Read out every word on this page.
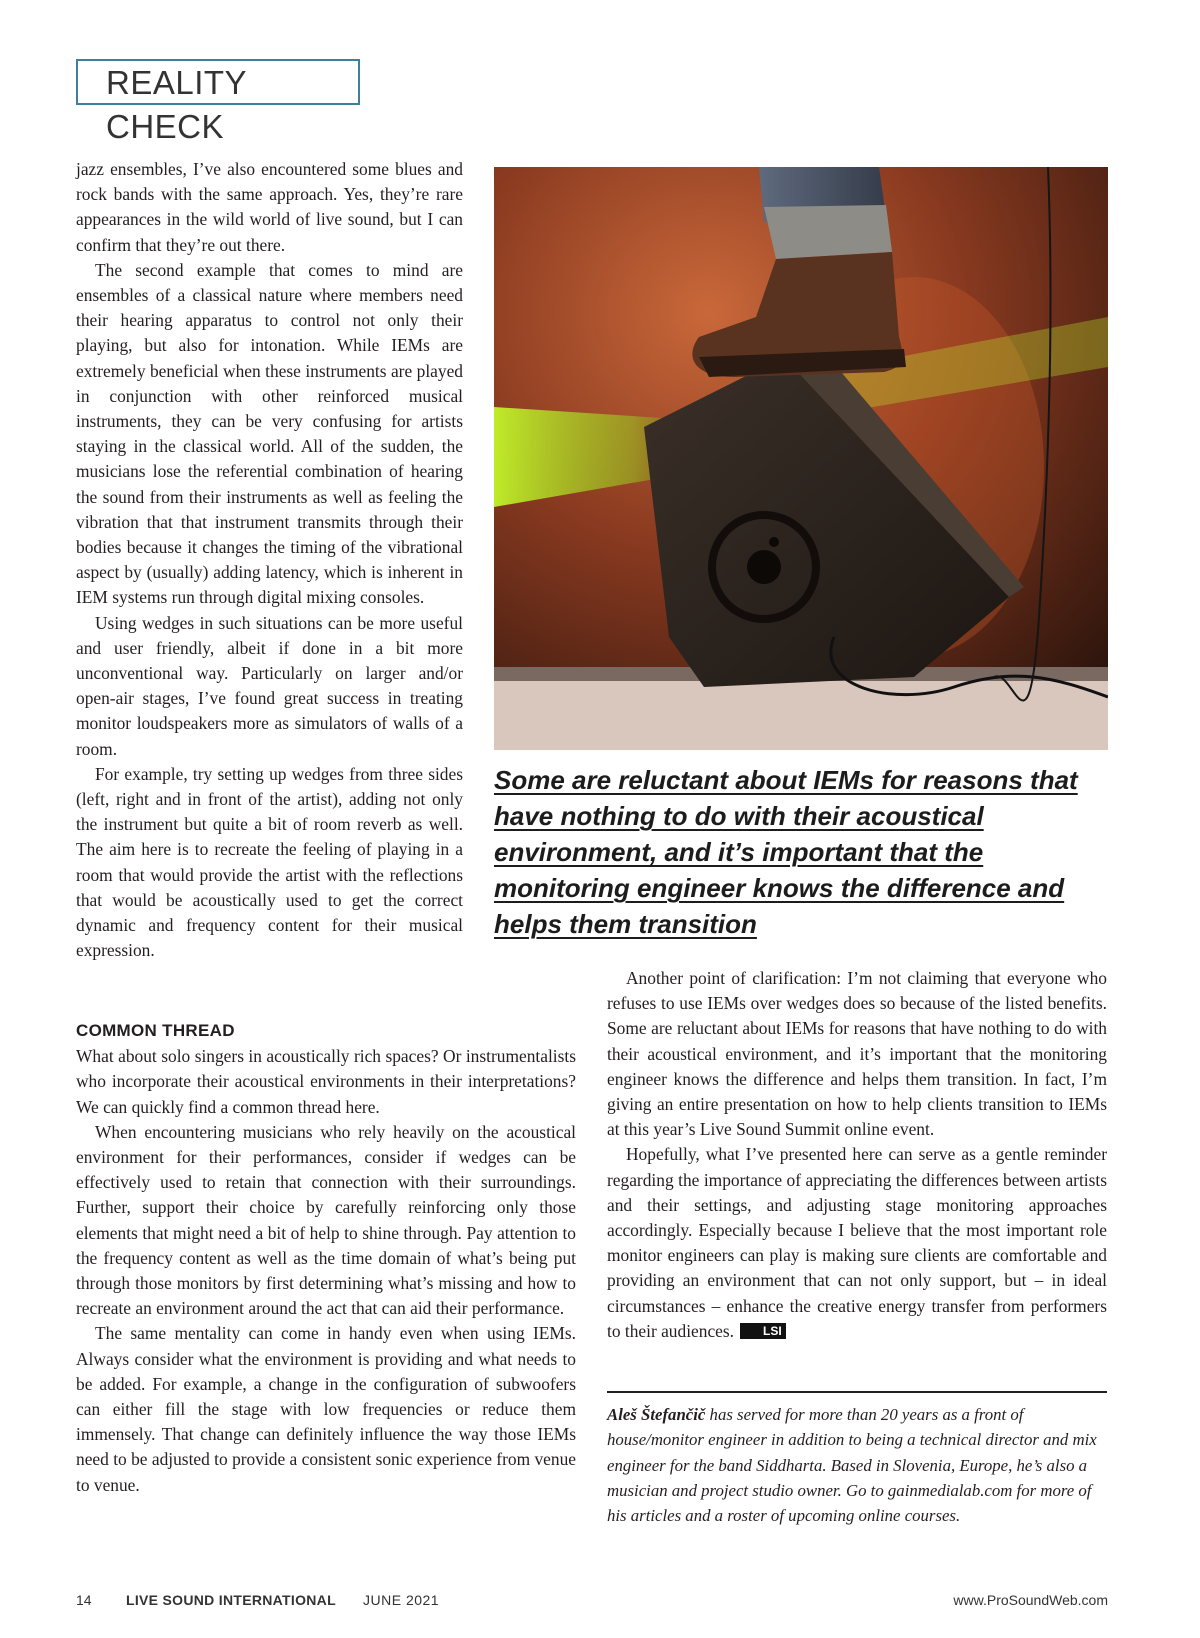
REALITY CHECK

jazz ensembles, I’ve also encountered some blues and rock bands with the same approach. Yes, they’re rare appearances in the wild world of live sound, but I can confirm that they’re out there.

The second example that comes to mind are ensembles of a classical nature where members need their hearing apparatus to control not only their playing, but also for intonation. While IEMs are extremely beneficial when these instruments are played in conjunction with other reinforced musical instruments, they can be very confusing for artists staying in the classical world. All of the sudden, the musicians lose the referential combination of hearing the sound from their instruments as well as feeling the vibration that that instrument transmits through their bodies because it changes the timing of the vibrational aspect by (usually) adding latency, which is inherent in IEM systems run through digital mixing consoles.

Using wedges in such situations can be more useful and user friendly, albeit if done in a bit more unconventional way. Particularly on larger and/or open-air stages, I’ve found great success in treating monitor loudspeakers more as simulators of walls of a room.

For example, try setting up wedges from three sides (left, right and in front of the artist), adding not only the instrument but quite a bit of room reverb as well. The aim here is to recreate the feeling of playing in a room that would provide the artist with the reflections that would be acoustically used to get the correct dynamic and frequency content for their musical expression.

Some are reluctant about IEMs for reasons that have nothing to do with their acoustical environment, and it’s important that the monitoring engineer knows the difference and helps them transition
COMMON THREAD

What about solo singers in acoustically rich spaces? Or instrumentalists who incorporate their acoustical environments in their interpretations? We can quickly find a common thread here.

When encountering musicians who rely heavily on the acoustical environment for their performances, consider if wedges can be effectively used to retain that connection with their surroundings. Further, support their choice by carefully reinforcing only those elements that might need a bit of help to shine through. Pay attention to the frequency content as well as the time domain of what’s being put through those monitors by first determining what’s missing and how to recreate an environment around the act that can aid their performance.

The same mentality can come in handy even when using IEMs. Always consider what the environment is providing and what needs to be added. For example, a change in the configuration of subwoofers can either fill the stage with low frequencies or reduce them immensely. That change can definitely influence the way those IEMs need to be adjusted to provide a consistent sonic experience from venue to venue.

Another point of clarification: I’m not claiming that everyone who refuses to use IEMs over wedges does so because of the listed benefits. Some are reluctant about IEMs for reasons that have nothing to do with their acoustical environment, and it’s important that the monitoring engineer knows the difference and helps them transition. In fact, I’m giving an entire presentation on how to help clients transition to IEMs at this year’s Live Sound Summit online event.

Hopefully, what I’ve presented here can serve as a gentle reminder regarding the importance of appreciating the differences between artists and their settings, and adjusting stage monitoring approaches accordingly. Especially because I believe that the most important role monitor engineers can play is making sure clients are comfortable and providing an environment that can not only support, but – in ideal circumstances – enhance the creative energy transfer from performers to their audiences. LSI

Aleš Štefančič has served for more than 20 years as a front of house/monitor engineer in addition to being a technical director and mix engineer for the band Siddharta. Based in Slovenia, Europe, he’s also a musician and project studio owner. Go to gainmedialab.com for more of his articles and a roster of upcoming online courses.
14 LIVE SOUND INTERNATIONAL JUNE 2021	www.ProSoundWeb.com
